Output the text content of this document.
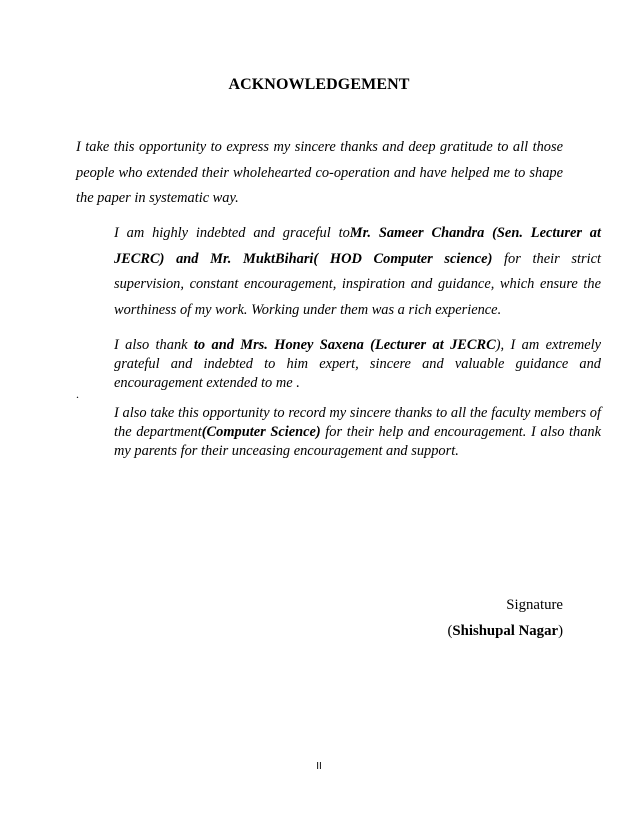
ACKNOWLEDGEMENT

I take this opportunity to express my sincere thanks and deep gratitude to all those people who extended their wholehearted co-operation and have helped me to shape the paper in systematic way.

I am highly indebted and graceful toMr. Sameer Chandra (Sen. Lecturer at JECRC) and Mr. MuktBihari( HOD Computer science) for their strict supervision, constant encouragement, inspiration and guidance, which ensure the worthiness of my work. Working under them was a rich experience.

I also thank to and Mrs. Honey Saxena (Lecturer at JECRC), I am extremely grateful and indebted to him expert, sincere and valuable guidance and encouragement extended to me .

.

I also take this opportunity to record my sincere thanks to all the faculty members of the department(Computer Science) for their help and encouragement. I also thank my parents for their unceasing encouragement and support.

Signature
(Shishupal Nagar)
II
